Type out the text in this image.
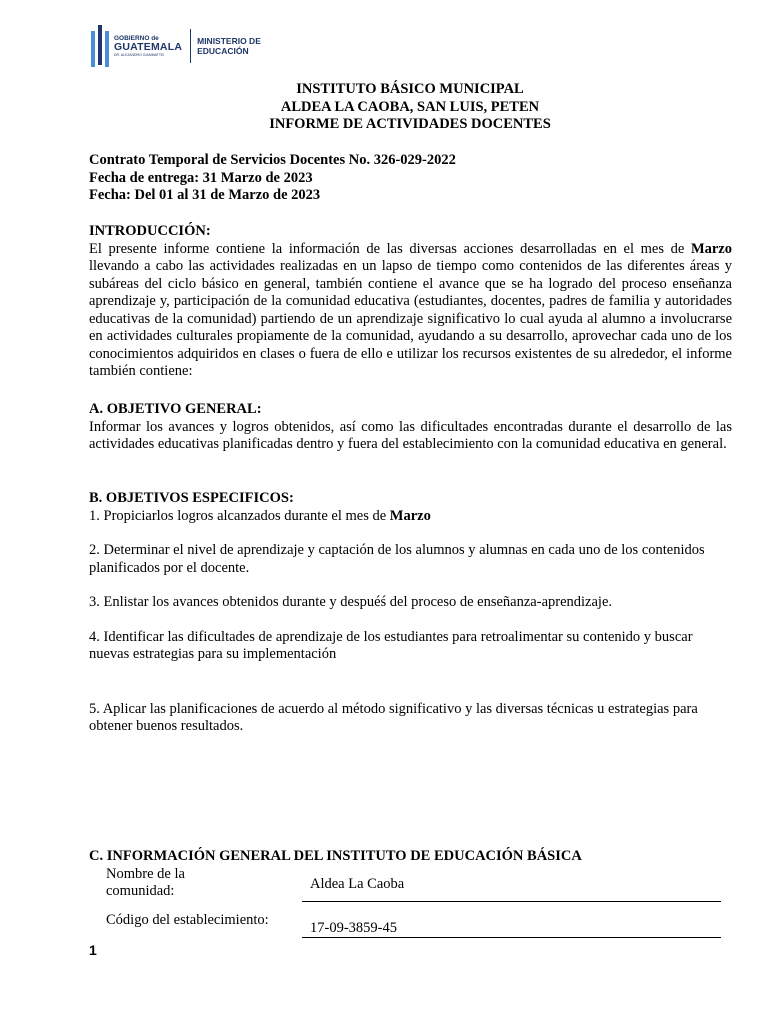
GOBIERNO de
GUATEMALA
DR. ALEJANDRO GIAMMATTEI
MINISTERIO DE
EDUCACIÓN
INSTITUTO BÁSICO MUNICIPAL
ALDEA LA CAOBA, SAN LUIS, PETEN
INFORME DE ACTIVIDADES DOCENTES
Contrato Temporal de Servicios Docentes No. 326-029-2022
Fecha de entrega: 31 Marzo de 2023
Fecha: Del 01 al 31 de Marzo de 2023
INTRODUCCIÓN:
El presente informe contiene la información de las diversas acciones desarrolladas en el mes de Marzo llevando a cabo las actividades realizadas en un lapso de tiempo como contenidos de las diferentes áreas y subáreas del ciclo básico en general, también contiene el avance que se ha logrado del proceso enseñanza aprendizaje y, participación de la comunidad educativa (estudiantes, docentes, padres de familia y autoridades educativas de la comunidad) partiendo de un aprendizaje significativo lo cual ayuda al alumno a involucrarse en actividades culturales propiamente de la comunidad, ayudando a su desarrollo, aprovechar cada uno de los conocimientos adquiridos en clases o fuera de ello e utilizar los recursos existentes de su alrededor, el informe también contiene:
A. OBJETIVO GENERAL:
Informar los avances y logros obtenidos, así como las dificultades encontradas durante el desarrollo de las actividades educativas planificadas dentro y fuera del establecimiento con la comunidad educativa en general.
B. OBJETIVOS ESPECIFICOS:

1. Propiciarlos logros alcanzados durante el mes de Marzo

2. Determinar el nivel de aprendizaje y captación de los alumnos y alumnas en cada uno de los contenidos planificados por el docente.

3. Enlistar los avances obtenidos durante y despuéś del proceso de enseñanza-aprendizaje.

4. Identificar las dificultades de aprendizaje de los estudiantes para retroalimentar su contenido y buscar nuevas estrategias para su implementación

5. Aplicar las planificaciones de acuerdo al método significativo y las diversas técnicas u estrategias para obtener buenos resultados.

C. INFORMACIÓN GENERAL DEL INSTITUTO DE EDUCACIÓN BÁSICA
Nombre de la
comunidad:	Aldea La Caoba
Código del establecimiento:	17-09-3859-45
1
